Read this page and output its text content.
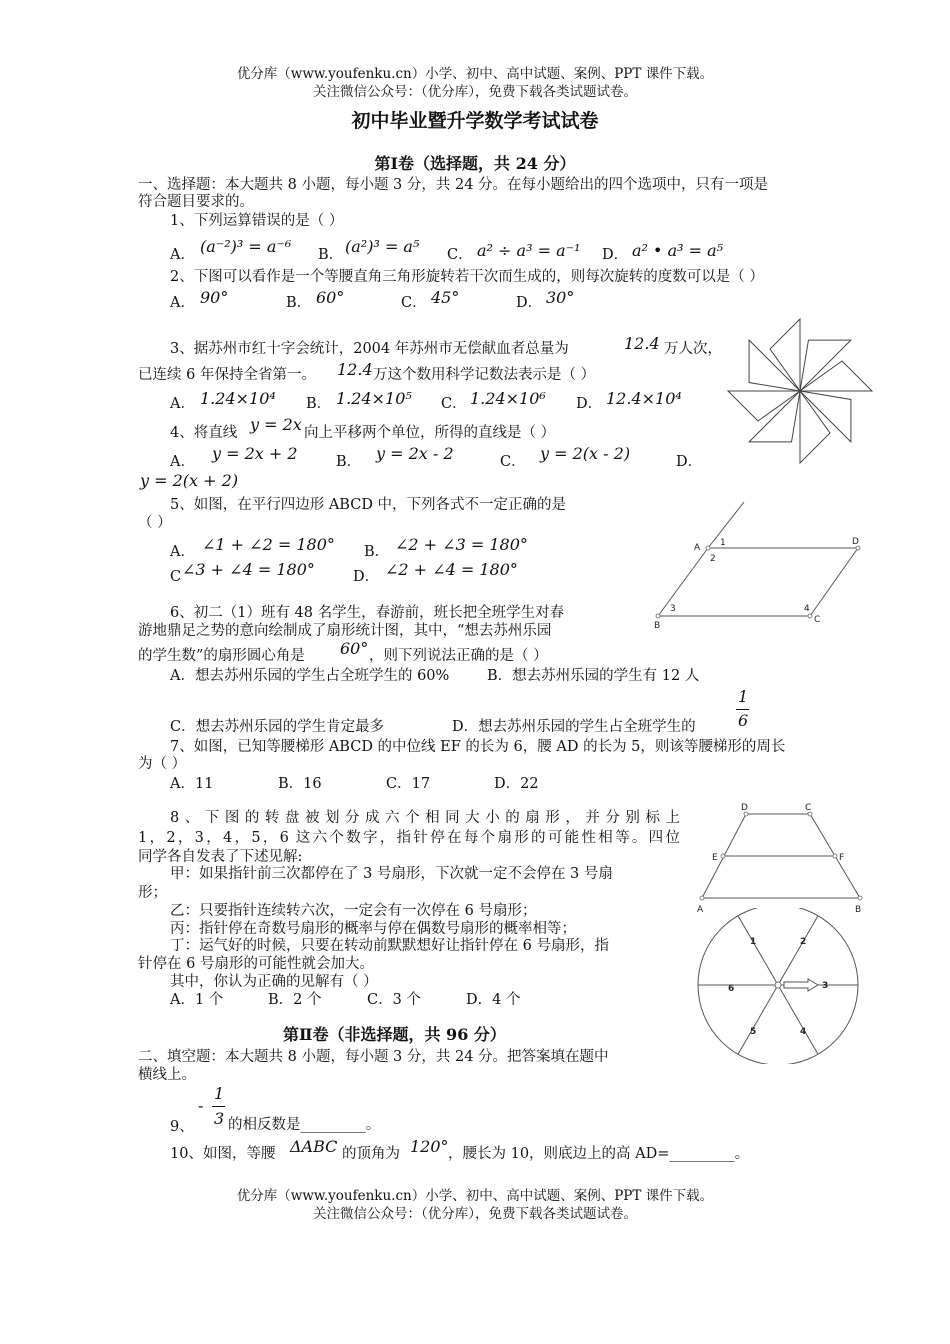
优分库（www.youfenku.cn）小学、初中、高中试题、案例、PPT 课件下载。
关注微信公众号：（优分库），免费下载各类试题试卷。
初中毕业暨升学数学考试试卷
第Ⅰ卷（选择题，共 24 分）
一、选择题：本大题共 8 小题，每小题 3 分，共 24 分。在每小题给出的四个选项中，只有一项是
符合题目要求的。
1、下列运算错误的是（ ）
A． (a⁻²)³ = a⁻⁶ B． (a²)³ = a⁵ C． a² ÷ a³ = a⁻¹ D． a² • a³ = a⁵
2、下图可以看作是一个等腰直角三角形旋转若干次而生成的，则每次旋转的度数可以是（ ）
A． 90°	B． 60°	C． 45°	D． 30°
3、据苏州市红十字会统计，2004 年苏州市无偿献血者总量为	12.4 万人次，
已连续 6 年保持全省第一。 12.4 万这个数用科学记数法表示是（ ）
A． 1.24×10⁴ B． 1.24×10⁵ C． 1.24×10⁶ D． 12.4×10⁴
4、将直线 y = 2x 向上平移两个单位，所得的直线是（ ）
A． y = 2x + 2	B． y = 2x - 2	C． y = 2(x - 2)	D．
y = 2(x + 2)
5、如图，在平行四边形 ABCD 中，下列各式不一定正确的是
（ ）
A． ∠1 + ∠2 = 180° B． ∠2 + ∠3 = 180°
C ∠3 + ∠4 = 180°	D． ∠2 + ∠4 = 180°
A
D
B
C
1
2
3	4
6、初二（1）班有 48 名学生，春游前，班长把全班学生对春
游地鼎足之势的意向绘制成了扇形统计图，其中，“想去苏州乐园
的学生数”的扇形圆心角是 60° ，则下列说法正确的是（ ）
A．想去苏州乐园的学生占全班学生的 60%	B．想去苏州乐园的学生有 12 人
C．想去苏州乐园的学生肯定最多	D．想去苏州乐园的学生占全班学生的
1
6
7、如图，已知等腰梯形 ABCD 的中位线 EF 的长为 6，腰 AD 的长为 5，则该等腰梯形的周长
为（ ）
A．11	B．16	C．17	D．22
D	C
E	F
A	B
8、下图的转盘被划分成六个相同大小的扇形，并分别标上
1，2，3，4，5，6 这六个数字，指针停在每个扇形的可能性相等。四位
同学各自发表了下述见解:
甲：如果指针前三次都停在了 3 号扇形，下次就一定不会停在 3 号扇
形；
乙：只要指针连续转六次，一定会有一次停在 6 号扇形；
丙：指针停在奇数号扇形的概率与停在偶数号扇形的概率相等；
丁：运气好的时候，只要在转动前默默想好让指针停在 6 号扇形，指
针停在 6 号扇形的可能性就会加大。
其中，你认为正确的见解有（ ）
A．1 个	B．2 个	C．3 个	D．4 个
1	2
3
4
5
6
第Ⅱ卷（非选择题，共 96 分）
二、填空题：本大题共 8 小题，每小题 3 分，共 24 分。把答案填在题中
横线上。
-
1
3
9、 的相反数是_________。
10、如图，等腰 ΔABC 的顶角为 120° ，腰长为 10，则底边上的高 AD=_________。
优分库（www.youfenku.cn）小学、初中、高中试题、案例、PPT 课件下载。
关注微信公众号：（优分库），免费下载各类试题试卷。
